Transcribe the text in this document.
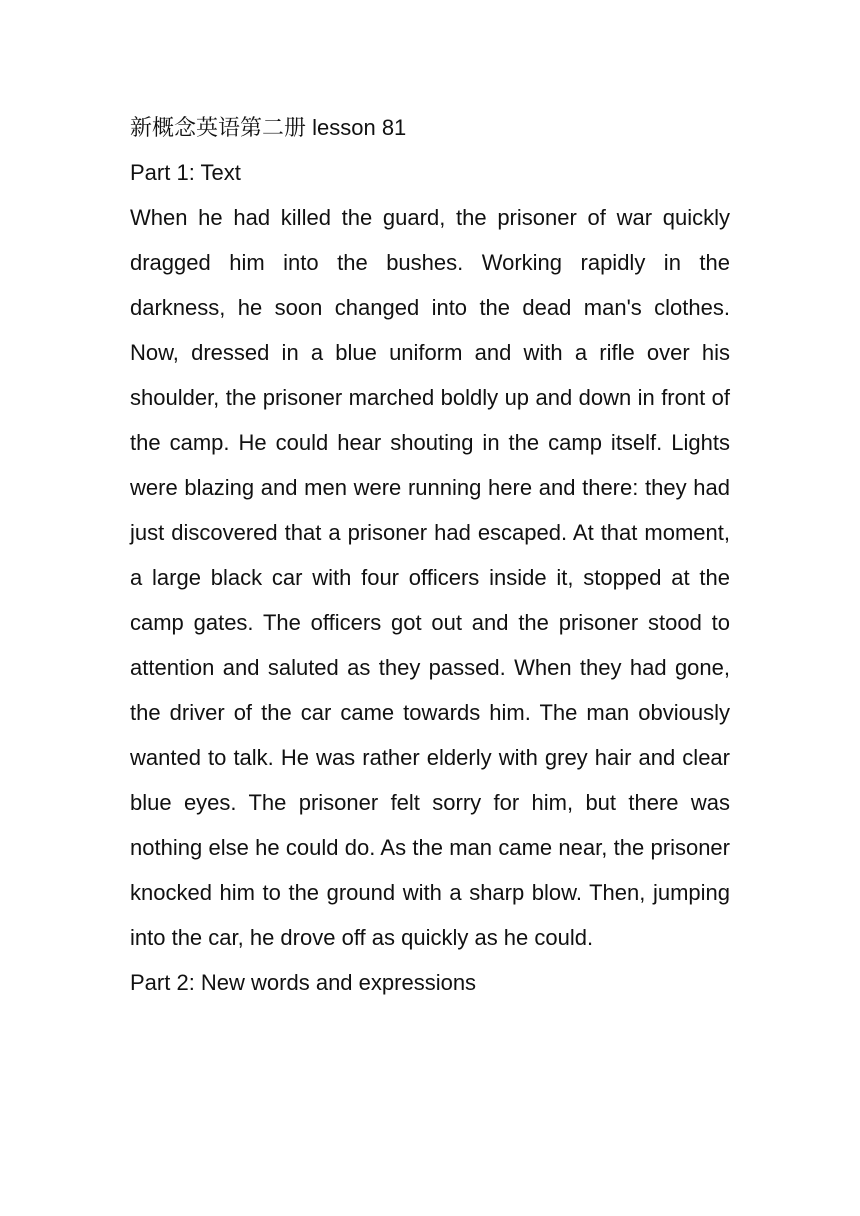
新概念英语第二册 lesson 81
Part 1: Text

When he had killed the guard, the prisoner of war quickly dragged him into the bushes. Working rapidly in the darkness, he soon changed into the dead man's clothes. Now, dressed in a blue uniform and with a rifle over his shoulder, the prisoner marched boldly up and down in front of the camp. He could hear shouting in the camp itself. Lights were blazing and men were running here and there: they had just discovered that a prisoner had escaped. At that moment, a large black car with four officers inside it, stopped at the camp gates. The officers got out and the prisoner stood to attention and saluted as they passed. When they had gone, the driver of the car came towards him. The man obviously wanted to talk. He was rather elderly with grey hair and clear blue eyes. The prisoner felt sorry for him, but there was nothing else he could do. As the man came near, the prisoner knocked him to the ground with a sharp blow. Then, jumping into the car, he drove off as quickly as he could.

Part 2: New words and expressions
